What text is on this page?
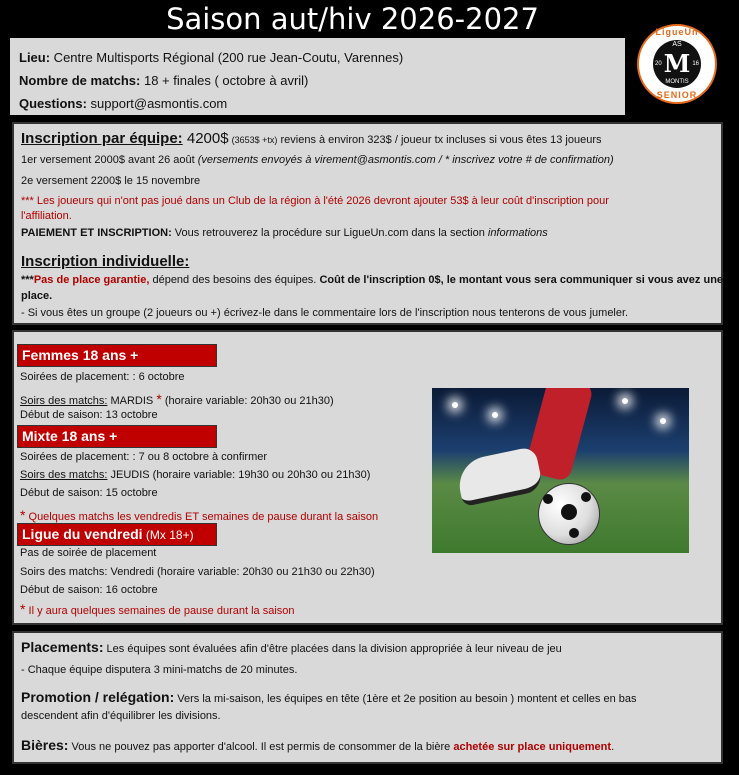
Saison aut/hiv 2026-2027
Lieu: Centre Multisports Régional (200 rue Jean-Coutu, Varennes)
Nombre de matchs: 18 + finales ( octobre à avril)
Questions: support@asmontis.com
LigueUn
AS
M
20	16
MONTIS
SENIOR
Inscription par équipe: 4200$ (3653$ +tx) reviens à environ 323$ / joueur tx incluses si vous êtes 13 joueurs
1er versement 2000$ avant 26 août (versements envoyés à virement@asmontis.com / * inscrivez votre # de confirmation)
2e versement 2200$ le 15 novembre
*** Les joueurs qui n'ont pas joué dans un Club de la région à l'été 2026 devront ajouter 53$ à leur coût d'inscription pour
l'affiliation.
PAIEMENT ET INSCRIPTION: Vous retrouverez la procédure sur LigueUn.com dans la section informations
Inscription individuelle:
***Pas de place garantie, dépend des besoins des équipes. Coût de l'inscription 0$, le montant vous sera communiquer si vous avez une
place.
- Si vous êtes un groupe (2 joueurs ou +) écrivez-le dans le commentaire lors de l'inscription nous tenterons de vous jumeler.
Femmes 18 ans +
Soirées de placement: : 6 octobre
Soirs des matchs: MARDIS * (horaire variable: 20h30 ou 21h30)
Début de saison: 13 octobre
Mixte 18 ans +
Soirées de placement: : 7 ou 8 octobre à confirmer
Soirs des matchs: JEUDIS (horaire variable: 19h30 ou 20h30 ou 21h30)
Début de saison: 15 octobre
* Quelques matchs les vendredis ET semaines de pause durant la saison
Ligue du vendredi (Mx 18+)
Pas de soirée de placement
Soirs des matchs: Vendredi (horaire variable: 20h30 ou 21h30 ou 22h30)
Début de saison: 16 octobre
* Il y aura quelques semaines de pause durant la saison
Placements: Les équipes sont évaluées afin d'être placées dans la division appropriée à leur niveau de jeu
- Chaque équipe disputera 3 mini-matchs de 20 minutes.
Promotion / relégation: Vers la mi-saison, les équipes en tête (1ère et 2e position au besoin ) montent et celles en bas
descendent afin d'équilibrer les divisions.
Bières: Vous ne pouvez pas apporter d'alcool. Il est permis de consommer de la bière achetée sur place uniquement.
